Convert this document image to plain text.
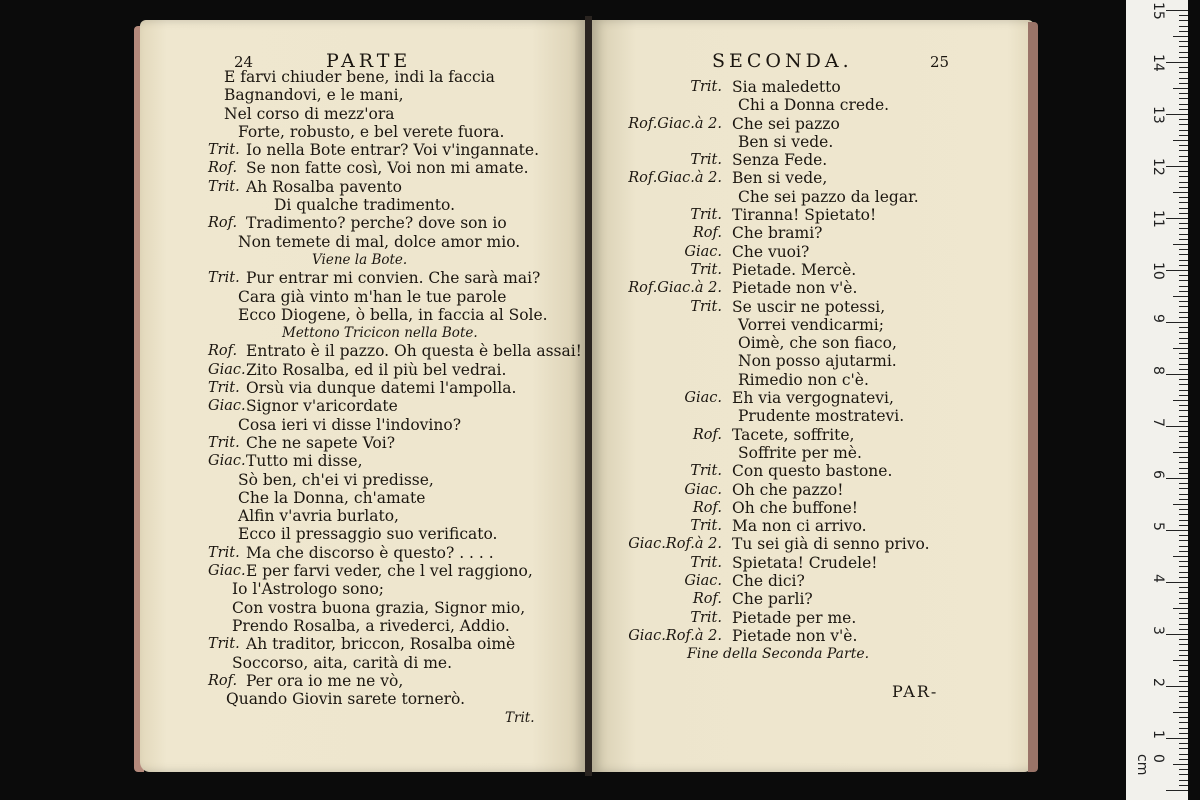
24	PARTE
E farvi chiuder bene, indi la faccia
Bagnandovi, e le mani,
Nel corso di mezz'ora
Forte, robusto, e bel verete fuora.
Trit. Io nella Bote entrar? Voi v'ingannate.
Rof. Se non fatte così, Voi non mi amate.
Trit. Ah Rosalba pavento
Di qualche tradimento.
Rof. Tradimento? perche? dove son io
Non temete di mal, dolce amor mio.
Viene la Bote.
Trit. Pur entrar mi convien. Che sarà mai?
Cara già vinto m'han le tue parole
Ecco Diogene, ò bella, in faccia al Sole.
Mettono Tricicon nella Bote.
Rof. Entrato è il pazzo. Oh questa è bella assai!
Giac. Zito Rosalba, ed il più bel vedrai.
Trit. Orsù via dunque datemi l'ampolla.
Giac. Signor v'aricordate
Cosa ieri vi disse l'indovino?
Trit. Che ne sapete Voi?
Giac. Tutto mi disse,
Sò ben, ch'ei vi predisse,
Che la Donna, ch'amate
Alfin v'avria burlato,
Ecco il pressaggio suo verificato.
Trit. Ma che discorso è questo? . . . .
Giac. E per farvi veder, che l vel raggiono,
Io l'Astrologo sono;
Con vostra buona grazia, Signor mio,
Prendo Rosalba, a rivederci, Addio.
Trit. Ah traditor, briccon, Rosalba oimè
Soccorso, aita, carità di me.
Rof. Per ora io me ne vò,
Quando Giovin sarete tornerò.
Trit.
SECONDA.	25
Trit. Sia maledetto
Chi a Donna crede.
Rof.Giac.à 2. Che sei pazzo
Ben si vede.
Trit. Senza Fede.
Rof.Giac.à 2. Ben si vede,
Che sei pazzo da legar.
Trit. Tiranna! Spietato!
Rof. Che brami?
Giac. Che vuoi?
Trit. Pietade. Mercè.
Rof.Giac.à 2. Pietade non v'è.
Trit. Se uscir ne potessi,
Vorrei vendicarmi;
Oimè, che son fiaco,
Non posso ajutarmi.
Rimedio non c'è.
Giac. Eh via vergognatevi,
Prudente mostratevi.
Rof. Tacete, soffrite,
Soffrite per mè.
Trit. Con questo bastone.
Giac. Oh che pazzo!
Rof. Oh che buffone!
Trit. Ma non ci arrivo.
Giac.Rof.à 2. Tu sei già di senno privo.
Trit. Spietata! Crudele!
Giac. Che dici?
Rof. Che parli?
Trit. Pietade per me.
Giac.Rof.à 2. Pietade non v'è.
Fine della Seconda Parte.
PAR-
0 cm
1
2
3
4
5
6
7
8
9
10
11
12
13
14
15
